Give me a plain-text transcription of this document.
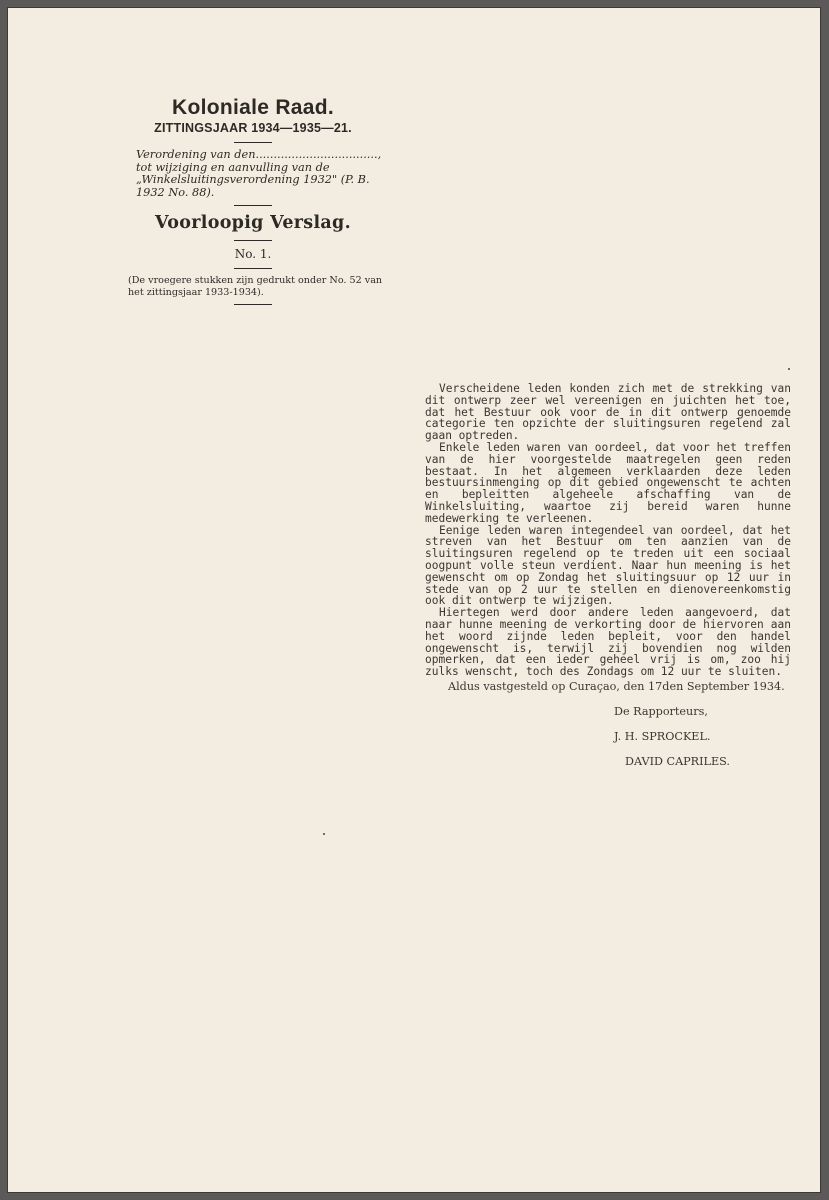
Koloniale Raad.
ZITTINGSJAAR 1934—1935—21.
Verordening van den.................................., tot wijziging en aanvulling van de „Winkelsluitingsverordening 1932" (P. B. 1932 No. 88).
Voorloopig Verslag.
No. 1.
(De vroegere stukken zijn gedrukt onder No. 52 van het zittingsjaar 1933-1934).

Verscheidene leden konden zich met de strekking van dit ontwerp zeer wel vereenigen en juichten het toe, dat het Bestuur ook voor de in dit ontwerp genoemde categorie ten opzichte der sluitingsuren regelend zal gaan optreden.

Enkele leden waren van oordeel, dat voor het treffen van de hier voorgestelde maatregelen geen reden bestaat. In het algemeen verklaarden deze leden bestuursinmenging op dit gebied ongewenscht te achten en bepleitten algeheele afschaffing van de Winkelsluiting, waartoe zij bereid waren hunne medewerking te verleenen.

Eenige leden waren integendeel van oordeel, dat het streven van het Bestuur om ten aanzien van de sluitingsuren regelend op te treden uit een sociaal oogpunt volle steun verdient. Naar hun meening is het gewenscht om op Zondag het sluitingsuur op 12 uur in stede van op 2 uur te stellen en dienovereenkomstig ook dit ontwerp te wijzigen.

Hiertegen werd door andere leden aangevoerd, dat naar hunne meening de verkorting door de hiervoren aan het woord zijnde leden bepleit, voor den handel ongewenscht is, terwijl zij bovendien nog wilden opmerken, dat een ieder geheel vrij is om, zoo hij zulks wenscht, toch des Zondags om 12 uur te sluiten.

Aldus vastgesteld op Curaçao, den 17den September 1934.
De Rapporteurs,
J. H. SPROCKEL.
DAVID CAPRILES.
